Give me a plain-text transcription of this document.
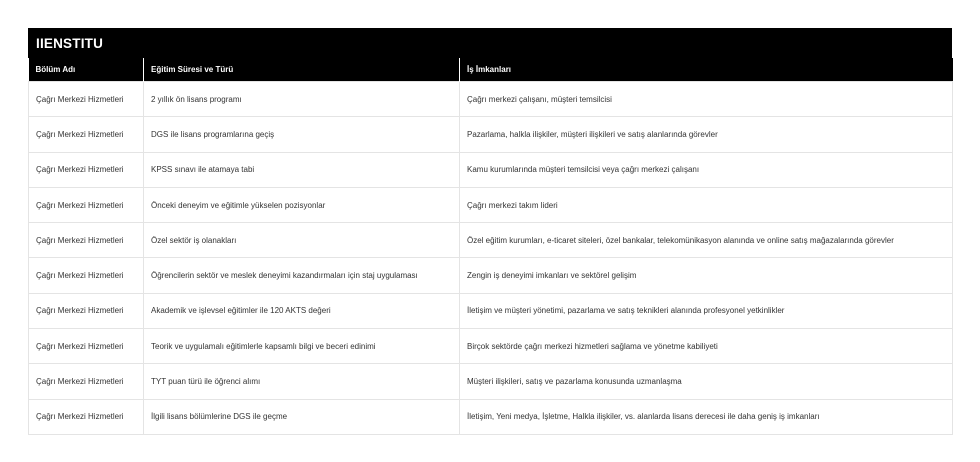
IIENSTITU
Bölüm Adı	Eğitim Süresi ve Türü	İş İmkanları
Çağrı Merkezi Hizmetleri	2 yıllık ön lisans programı	Çağrı merkezi çalışanı, müşteri temsilcisi
Çağrı Merkezi Hizmetleri	DGS ile lisans programlarına geçiş	Pazarlama, halkla ilişkiler, müşteri ilişkileri ve satış alanlarında görevler
Çağrı Merkezi Hizmetleri	KPSS sınavı ile atamaya tabi	Kamu kurumlarında müşteri temsilcisi veya çağrı merkezi çalışanı
Çağrı Merkezi Hizmetleri	Önceki deneyim ve eğitimle yükselen pozisyonlar	Çağrı merkezi takım lideri
Çağrı Merkezi Hizmetleri	Özel sektör iş olanakları	Özel eğitim kurumları, e-ticaret siteleri, özel bankalar, telekomünikasyon alanında ve online satış mağazalarında görevler
Çağrı Merkezi Hizmetleri	Öğrencilerin sektör ve meslek deneyimi kazandırmaları için staj uygulaması	Zengin iş deneyimi imkanları ve sektörel gelişim
Çağrı Merkezi Hizmetleri	Akademik ve işlevsel eğitimler ile 120 AKTS değeri	İletişim ve müşteri yönetimi, pazarlama ve satış teknikleri alanında profesyonel yetkinlikler
Çağrı Merkezi Hizmetleri	Teorik ve uygulamalı eğitimlerle kapsamlı bilgi ve beceri edinimi	Birçok sektörde çağrı merkezi hizmetleri sağlama ve yönetme kabiliyeti
Çağrı Merkezi Hizmetleri	TYT puan türü ile öğrenci alımı	Müşteri ilişkileri, satış ve pazarlama konusunda uzmanlaşma
Çağrı Merkezi Hizmetleri	İlgili lisans bölümlerine DGS ile geçme	İletişim, Yeni medya, İşletme, Halkla ilişkiler, vs. alanlarda lisans derecesi ile daha geniş iş imkanları
